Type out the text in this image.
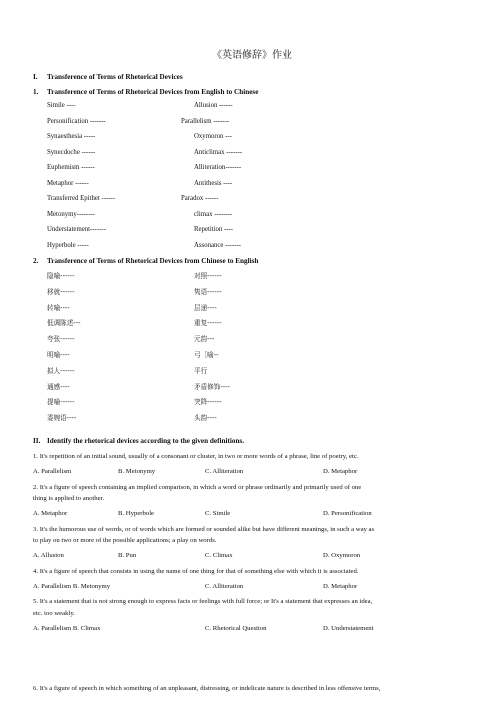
《英语修辞》作业
I. Transference of Terms of Rhetorical Devices
1. Transference of Terms of Rhetorical Devices from English to Chinese
Simile ----	Allusion ------
Personification -------	Parallelism -------
Synaesthesia -----	Oxymoron ---
Synecdoche ------	Anticlimax -------
Euphemism ------	Alliteration-------
Metaphor ------	Antithesis ----
Transferred Epithet ------	Paradox ------
Metonymy--------	climax --------
Understatement-------	Repetition ----
Hyperbole -----	Assonance -------
2. Transference of Terms of Rhetorical Devices from Chinese to English
隐喻------	对照------
移就------	隽语------
转喻----	层递----
低调陈述---	重复------
夸张------	元韵---
明喻----	弓［喻--
拟人------	平行
通感----	矛盾修饰----
提喻------	突降------
委婉语----	头韵----
II. Identify the rhetorical devices according to the given definitions.
1. It's repetition of an initial sound, usually of a consonant or cluster, in two or more words of a phrase, line of poetry, etc.
A. Parallelism	B. Metonymy	C. Alliteration	D. Metaphor
2. It's a figure of speech containing an implied comparison, in which a word or phrase ordinarily and primarily used of one
thing is applied to another.
A. Metaphor	B. Hyperbole	C. Simile	D. Personification
3. It's the humorous use of words, or of words which are formed or sounded alike but have different meanings, in such a way as
to play on two or more of the possible applications; a play on words.
A. Allusion	B. Pun	C. Climax	D. Oxymoron
4. It's a figure of speech that consists in using the name of one thing for that of something else with which it is associated.
A. Parallelism B. Metonymy	C. Alliteration	D. Metaphor
5. It's a statement that is not strong enough to express facts or feelings with full force; or It's a statement that expresses an idea,
etc. too weakly.
A. Parallelism B. Climax	C. Rhetorical Question	D. Understatement
6. It's a figure of speech in which something of an unpleasant, distressing, or indelicate nature is described in less offensive terms,
